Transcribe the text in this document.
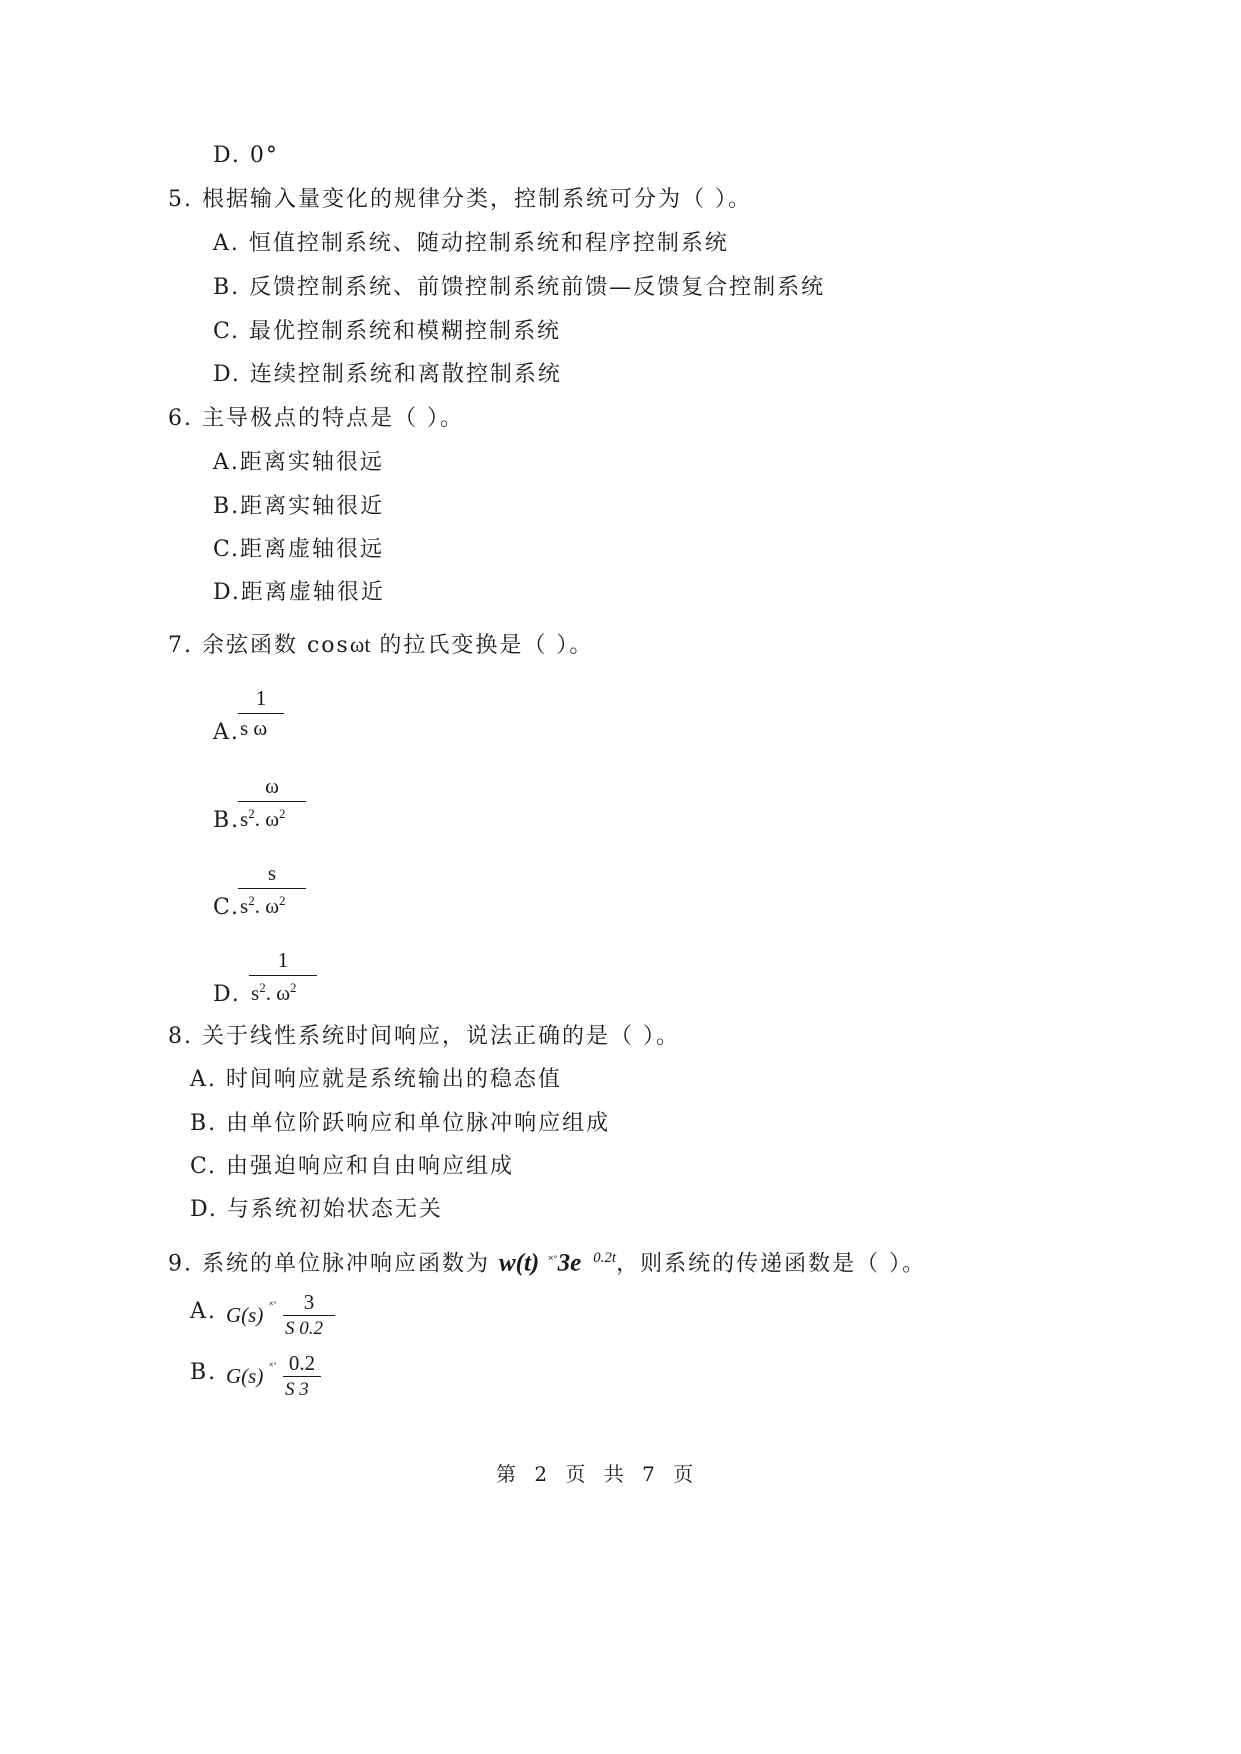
D. 0°
5. 根据输入量变化的规律分类，控制系统可分为（ ）。
A. 恒值控制系统、随动控制系统和程序控制系统
B. 反馈控制系统、前馈控制系统前馈—反馈复合控制系统
C. 最优控制系统和模糊控制系统
D. 连续控制系统和离散控制系统
6. 主导极点的特点是（ ）。
A.距离实轴很远
B.距离实轴很近
C.距离虚轴很远
D.距离虚轴很近
7. 余弦函数 cosωt 的拉氏变换是（ ）。
A.
1
s ω
B.
ω
$s^2$. $\omega^2$
C.
s
$s^2$. $\omega^2$
D.
1
$s^2$. $\omega^2$
8. 关于线性系统时间响应，说法正确的是（ ）。
A. 时间响应就是系统输出的稳态值
B. 由单位阶跃响应和单位脉冲响应组成
C. 由强迫响应和自由响应组成
D. 与系统初始状态无关
9. 系统的单位脉冲响应函数为 w(t) ˟˚3e $^{0.2t}$，则系统的传递函数是（ ）。
A. G(s) ˟˚	3
S 0.2
B. G(s) ˟˚ 0.2
S 3
第 2 页 共 7 页
